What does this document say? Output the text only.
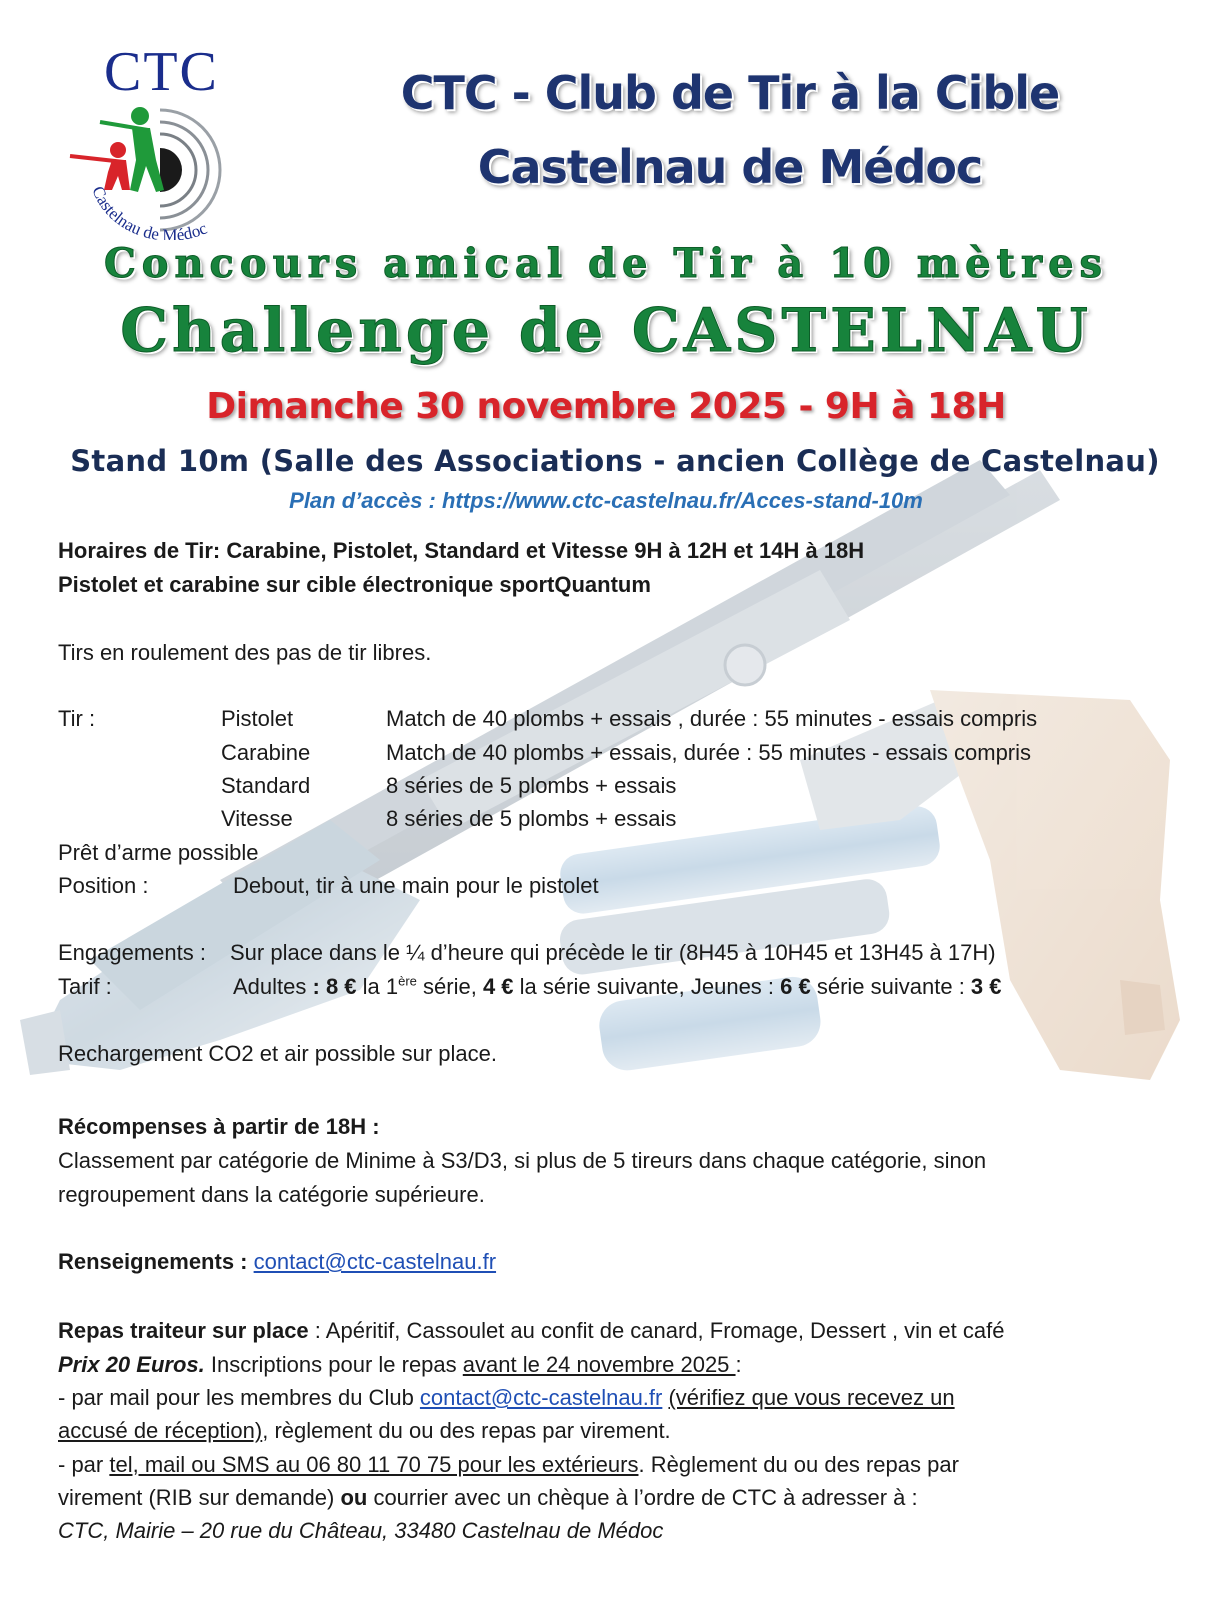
CTC
Castelnau de Médoc
CTC - Club de Tir à la Cible
Castelnau de Médoc
Concours amical de Tir à 10 mètres
Challenge de CASTELNAU
Dimanche 30 novembre 2025 - 9H à 18H
Stand 10m (Salle des Associations - ancien Collège de Castelnau)
Plan d’accès : https://www.ctc-castelnau.fr/Acces-stand-10m
Horaires de Tir: Carabine, Pistolet, Standard et Vitesse 9H à 12H et 14H à 18H
Pistolet et carabine sur cible électronique sportQuantum
Tirs en roulement des pas de tir libres.
Tir :	Pistolet	Match de 40 plombs + essais , durée : 55 minutes - essais compris
Carabine	Match de 40 plombs + essais, durée : 55 minutes - essais compris
Standard	8 séries de 5 plombs + essais
Vitesse	8 séries de 5 plombs + essais
Prêt d’arme possible
Position :	Debout, tir à une main pour le pistolet
Engagements : Sur place dans le ¼ d’heure qui précède le tir (8H45 à 10H45 et 13H45 à 17H)
Tarif :	Adultes : 8 € la 1ère série, 4 € la série suivante, Jeunes : 6 € série suivante : 3 €
Rechargement CO2 et air possible sur place.
Récompenses à partir de 18H :
Classement par catégorie de Minime à S3/D3, si plus de 5 tireurs dans chaque catégorie, sinon
regroupement dans la catégorie supérieure.
Renseignements : contact@ctc-castelnau.fr
Repas traiteur sur place : Apéritif, Cassoulet au confit de canard, Fromage, Dessert , vin et café
Prix 20 Euros. Inscriptions pour le repas avant le 24 novembre 2025 :
- par mail pour les membres du Club contact@ctc-castelnau.fr (vérifiez que vous recevez un
accusé de réception), règlement du ou des repas par virement.
- par tel, mail ou SMS au 06 80 11 70 75 pour les extérieurs. Règlement du ou des repas par
virement (RIB sur demande) ou courrier avec un chèque à l’ordre de CTC à adresser à :
CTC, Mairie – 20 rue du Château, 33480 Castelnau de Médoc
